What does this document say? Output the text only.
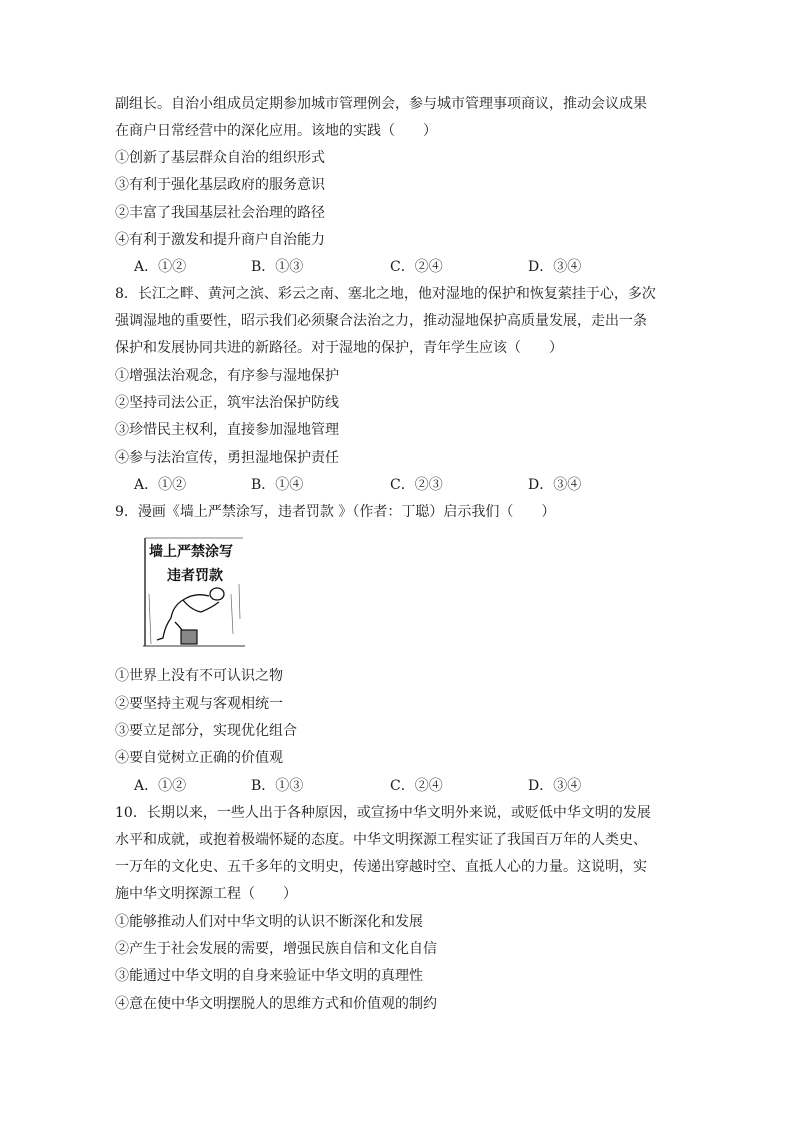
副组长。自治小组成员定期参加城市管理例会，参与城市管理事项商议，推动会议成果
在商户日常经营中的深化应用。该地的实践（　　）
①创新了基层群众自治的组织形式
③有利于强化基层政府的服务意识
②丰富了我国基层社会治理的路径
④有利于激发和提升商户自治能力
A．①②	B．①③	C．②④	D．③④
8．长江之畔、黄河之滨、彩云之南、塞北之地，他对湿地的保护和恢复萦挂于心，多次
强调湿地的重要性，昭示我们必须聚合法治之力，推动湿地保护高质量发展，走出一条
保护和发展协同共进的新路径。对于湿地的保护，青年学生应该（　　）
①增强法治观念，有序参与湿地保护
②坚持司法公正，筑牢法治保护防线
③珍惜民主权利，直接参加湿地管理
④参与法治宣传，勇担湿地保护责任
A．①②	B．①④	C．②③	D．③④
9．漫画《墙上严禁涂写，违者罚款 》（作者：丁聪）启示我们（　　）
墙上严禁涂写
违者罚款
①世界上没有不可认识之物
②要坚持主观与客观相统一
③要立足部分，实现优化组合
④要自觉树立正确的价值观
A．①②	B．①③	C．②④	D．③④
10．长期以来，一些人出于各种原因，或宣扬中华文明外来说，或贬低中华文明的发展
水平和成就，或抱着极端怀疑的态度。中华文明探源工程实证了我国百万年的人类史、
一万年的文化史、五千多年的文明史，传递出穿越时空、直抵人心的力量。这说明，实
施中华文明探源工程（　　）
①能够推动人们对中华文明的认识不断深化和发展
②产生于社会发展的需要，增强民族自信和文化自信
③能通过中华文明的自身来验证中华文明的真理性
④意在使中华文明摆脱人的思维方式和价值观的制约
